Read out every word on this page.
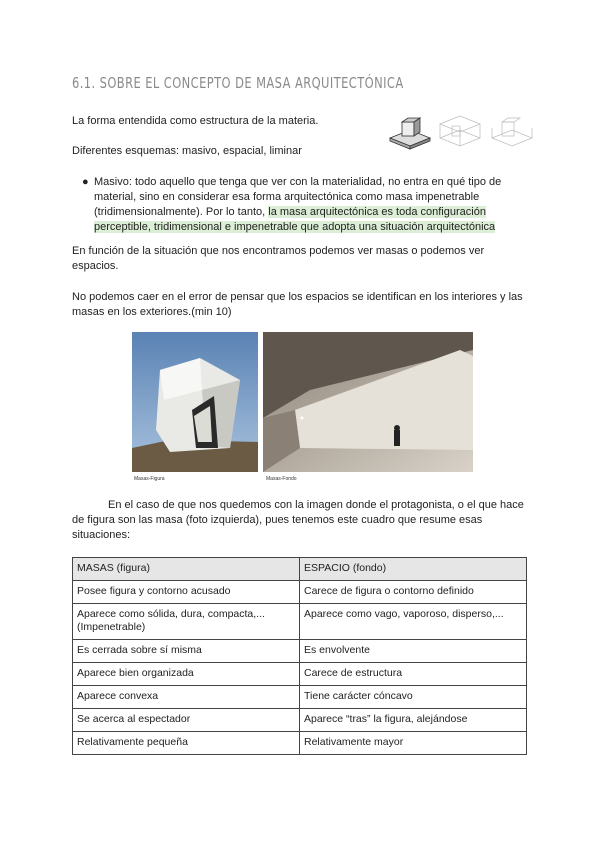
6.1. SOBRE EL CONCEPTO DE MASA ARQUITECTÓNICA
La forma entendida como estructura de la materia.
Diferentes esquemas: masivo, espacial, liminar
● Masivo: todo aquello que tenga que ver con la materialidad, no entra en qué tipo de material, sino en considerar esa forma arquitectónica como masa impenetrable (tridimensionalmente). Por lo tanto, la masa arquitectónica es toda configuración perceptible, tridimensional e impenetrable que adopta una situación arquitectónica
En función de la situación que nos encontramos podemos ver masas o podemos ver espacios.
No podemos caer en el error de pensar que los espacios se identifican en los interiores y las masas en los exteriores.(min 10)
Masas-Figura	Masas-Fondo
En el caso de que nos quedemos con la imagen donde el protagonista, o el que hace de figura son las masa (foto izquierda), pues tenemos este cuadro que resume esas situaciones:
MASAS (figura)	ESPACIO (fondo)
Posee figura y contorno acusado	Carece de figura o contorno definido
Aparece como sólida, dura, compacta,...(Impenetrable)	Aparece como vago, vaporoso, disperso,...
Es cerrada sobre sí misma	Es envolvente
Aparece bien organizada	Carece de estructura
Aparece convexa	Tiene carácter cóncavo
Se acerca al espectador	Aparece “tras” la figura, alejándose
Relativamente pequeña	Relativamente mayor
